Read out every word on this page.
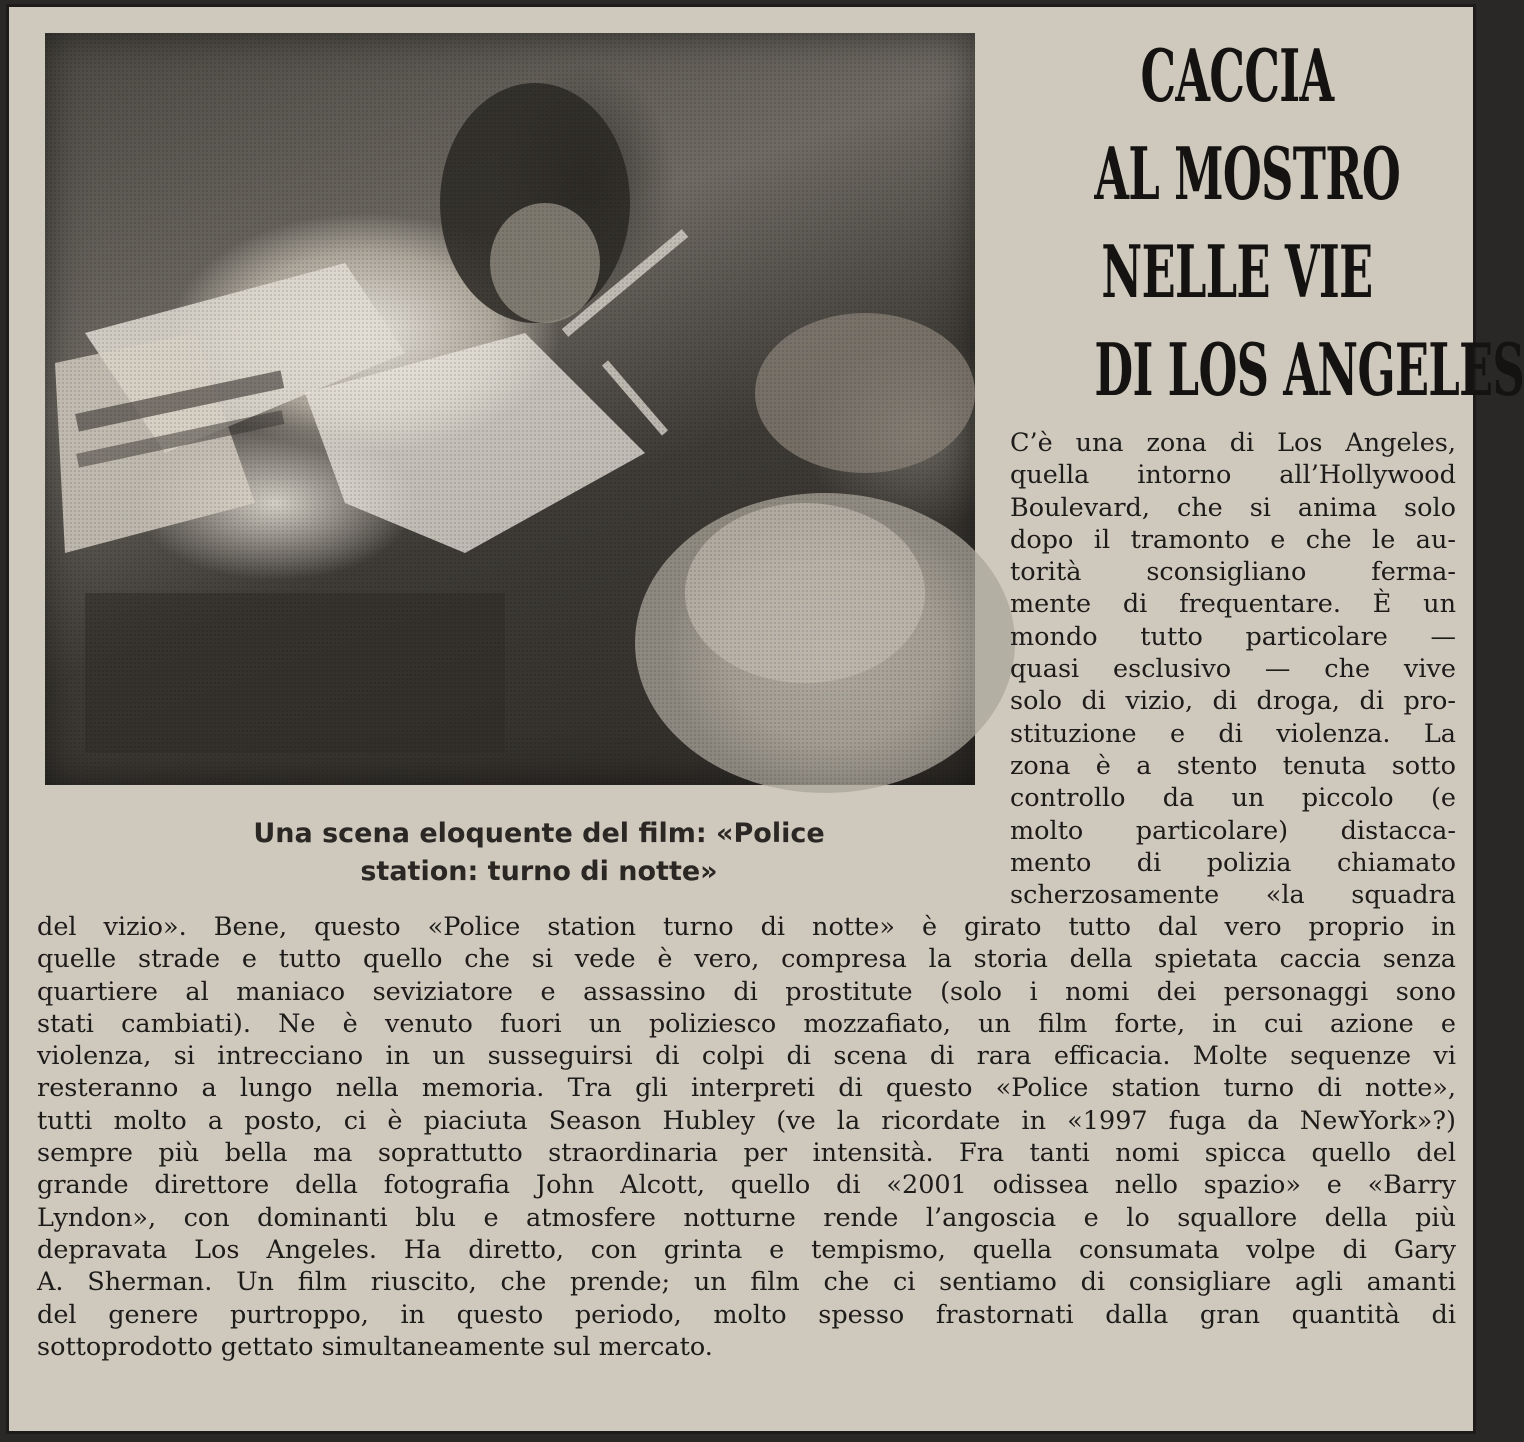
CACCIA
AL MOSTRO
NELLE VIE
DI LOS ANGELES
Una scena eloquente del film: «Police
station: turno di notte»
C’è una zona di Los Angeles,
quella intorno all’Hollywood
Boulevard, che si anima solo
dopo il tramonto e che le au-
torità sconsigliano ferma-
mente di frequentare. È un
mondo tutto particolare —
quasi esclusivo — che vive
solo di vizio, di droga, di pro-
stituzione e di violenza. La
zona è a stento tenuta sotto
controllo da un piccolo (e
molto particolare) distacca-
mento di polizia chiamato
scherzosamente «la squadra
del vizio». Bene, questo «Police station turno di notte» è girato tutto dal vero proprio in
quelle strade e tutto quello che si vede è vero, compresa la storia della spietata caccia senza
quartiere al maniaco seviziatore e assassino di prostitute (solo i nomi dei personaggi sono
stati cambiati). Ne è venuto fuori un poliziesco mozzafiato, un film forte, in cui azione e
violenza, si intrecciano in un susseguirsi di colpi di scena di rara efficacia. Molte sequenze vi
resteranno a lungo nella memoria. Tra gli interpreti di questo «Police station turno di notte»,
tutti molto a posto, ci è piaciuta Season Hubley (ve la ricordate in «1997 fuga da NewYork»?)
sempre più bella ma soprattutto straordinaria per intensità. Fra tanti nomi spicca quello del
grande direttore della fotografia John Alcott, quello di «2001 odissea nello spazio» e «Barry
Lyndon», con dominanti blu e atmosfere notturne rende l’angoscia e lo squallore della più
depravata Los Angeles. Ha diretto, con grinta e tempismo, quella consumata volpe di Gary
A. Sherman. Un film riuscito, che prende; un film che ci sentiamo di consigliare agli amanti
del genere purtroppo, in questo periodo, molto spesso frastornati dalla gran quantità di
sottoprodotto gettato simultaneamente sul mercato.
